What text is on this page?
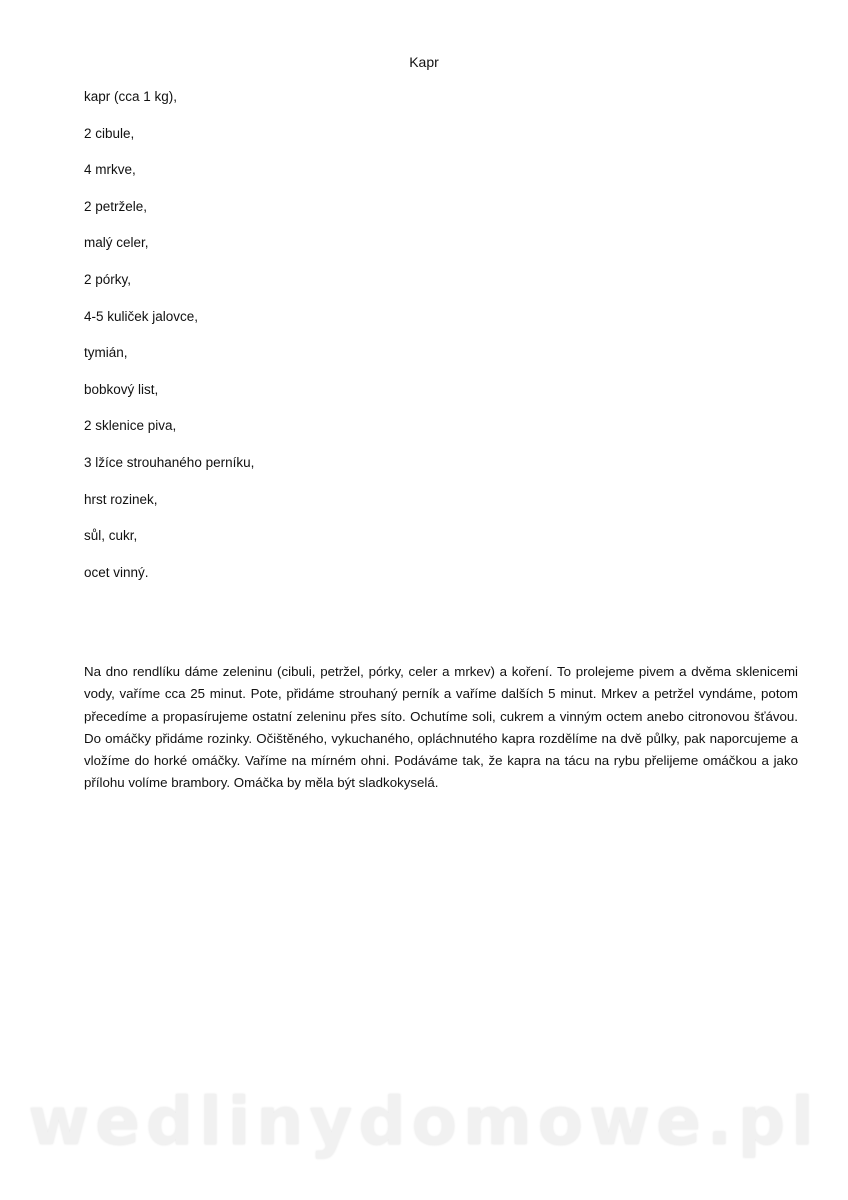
Kapr
kapr (cca 1 kg),
2 cibule,
4 mrkve,
2 petržele,
malý celer,
2 pórky,
4-5 kuliček jalovce,
tymián,
bobkový list,
2 sklenice piva,
3 lžíce strouhaného perníku,
hrst rozinek,
sůl, cukr,
ocet vinný.

Na dno rendlíku dáme zeleninu (cibuli, petržel, pórky, celer a mrkev) a koření. To prolejeme pivem a dvěma sklenicemi vody, vaříme cca 25 minut. Pote, přidáme strouhaný perník a vaříme dalších 5 minut. Mrkev a petržel vyndáme, potom přecedíme a propasírujeme ostatní zeleninu přes síto. Ochutíme soli, cukrem a vinným octem anebo citronovou šťávou. Do omáčky přidáme rozinky. Očištěného, vykuchaného, opláchnutého kapra rozdělíme na dvě půlky, pak naporcujeme a vložíme do horké omáčky. Vaříme na mírném ohni. Podáváme tak, že kapra na tácu na rybu přelijeme omáčkou a jako přílohu volíme brambory. Omáčka by měla být sladkokyselá.

wedlinydomowe.pl
